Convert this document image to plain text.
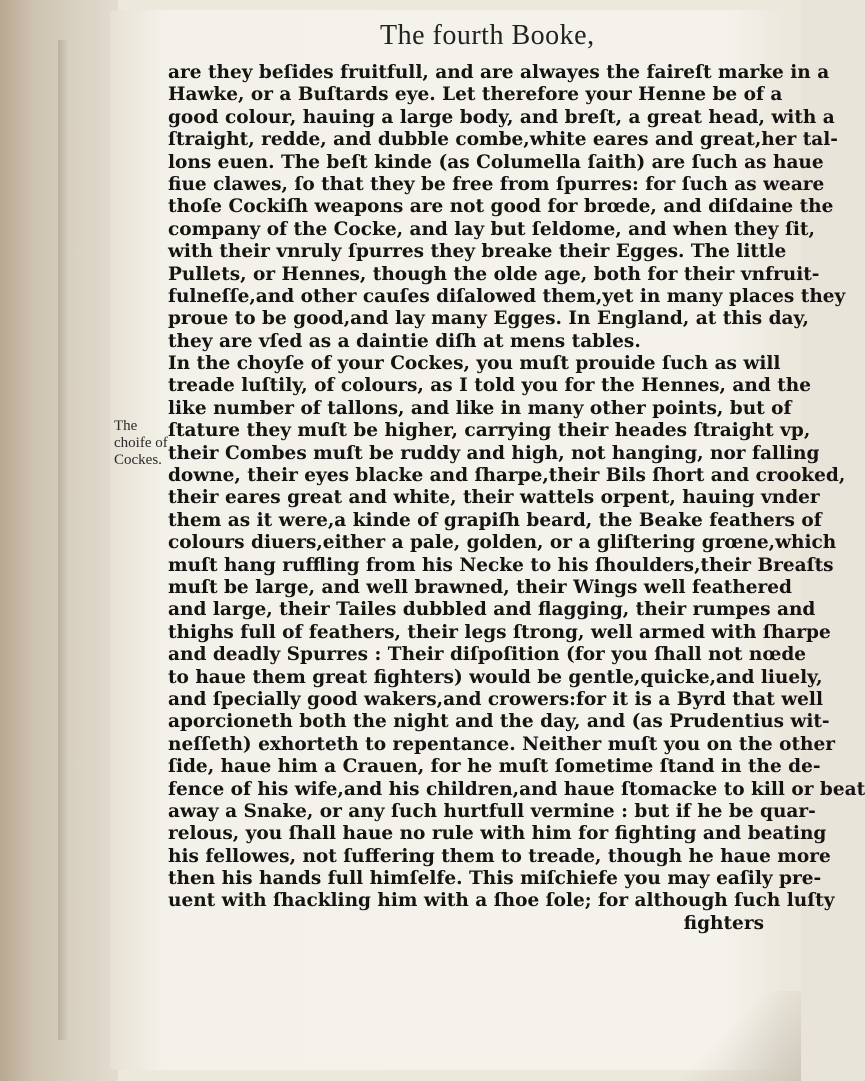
The fourth Booke,
The
choife of
Cockes.
are they beſides fruitfull, and are alwayes the faireſt marke in a
Hawke, or a Buſtards eye. Let therefore your Henne be of a
good colour, hauing a large body, and breſt, a great head, with a
ſtraight, redde, and dubble combe,white eares and great,her tal-
lons euen. The beſt kinde (as Columella ſaith) are ſuch as haue
fiue clawes, ſo that they be free from ſpurres: for ſuch as weare
thoſe Cockiſh weapons are not good for brœde, and diſdaine the
company of the Cocke, and lay but ſeldome, and when they ſit,
with their vnruly ſpurres they breake their Egges. The little
Pullets, or Hennes, though the olde age, both for their vnfruit-
fulneſſe,and other cauſes diſalowed them,yet in many places they
proue to be good,and lay many Egges. In England, at this day,
they are vſed as a daintie diſh at mens tables.
In the choyſe of your Cockes, you muſt prouide ſuch as will
treade luſtily, of colours, as I told you for the Hennes, and the
like number of tallons, and like in many other points, but of
ſtature they muſt be higher, carrying their heades ſtraight vp,
their Combes muſt be ruddy and high, not hanging, nor falling
downe, their eyes blacke and ſharpe,their Bils ſhort and crooked,
their eares great and white, their wattels orpent, hauing vnder
them as it were,a kinde of grapiſh beard, the Beake feathers of
colours diuers,either a pale, golden, or a gliſtering grœne,which
muſt hang ruffling from his Necke to his ſhoulders,their Breaſts
muſt be large, and well brawned, their Wings well feathered
and large, their Tailes dubbled and flagging, their rumpes and
thighs full of feathers, their legs ſtrong, well armed with ſharpe
and deadly Spurres : Their diſpoſition (for you ſhall not nœde
to haue them great fighters) would be gentle,quicke,and liuely,
and ſpecially good wakers,and crowers:for it is a Byrd that well
aporcioneth both the night and the day, and (as Prudentius wit-
neſſeth) exhorteth to repentance. Neither muſt you on the other
ſide, haue him a Crauen, for he muſt ſometime ſtand in the de-
fence of his wife,and his children,and haue ſtomacke to kill or beat
away a Snake, or any ſuch hurtfull vermine : but if he be quar-
relous, you ſhall haue no rule with him for fighting and beating
his fellowes, not ſuffering them to treade, though he haue more
then his hands full himſelfe. This miſchiefe you may eaſily pre-
uent with ſhackling him with a ſhoe ſole; for although ſuch luſty
fighters
